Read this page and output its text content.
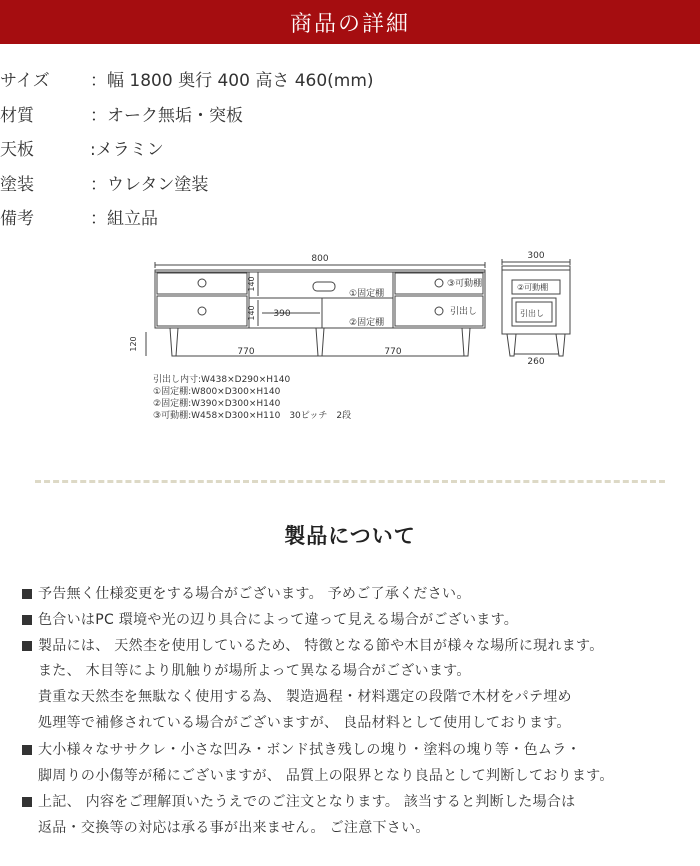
商品の詳細
サイズ ：幅 1800 奥行 400 高さ 460(mm)
材質	：オーク無垢・突板
天板	:メラミン
塗装	：ウレタン塗装
備考	：組立品
800
140
140 390
770	770
120
①固定棚
②固定棚
③可動棚
引出し
300
②可動棚
引出し
260
引出し内寸:W438×D290×H140
①固定棚:W800×D300×H140
②固定棚:W390×D300×H140
③可動棚:W458×D300×H110　30ピッチ　2段
製品について
予告無く仕様変更をする場合がございます。 予めご了承ください。
色合いはPC 環境や光の辺り具合によって違って見える場合がございます。
製品には、 天然杢を使用しているため、 特徴となる節や木目が様々な場所に現れます。
また、 木目等により肌触りが場所よって異なる場合がございます。
貴重な天然杢を無駄なく使用する為、 製造過程・材料選定の段階で木材をパテ埋め
処理等で補修されている場合がございますが、 良品材料として使用しております。
大小様々なササクレ・小さな凹み・ボンド拭き残しの塊り・塗料の塊り等・色ムラ・
脚周りの小傷等が稀にございますが、 品質上の限界となり良品として判断しております。
上記、 内容をご理解頂いたうえでのご注文となります。 該当すると判断した場合は
返品・交換等の対応は承る事が出来ません。 ご注意下さい。
